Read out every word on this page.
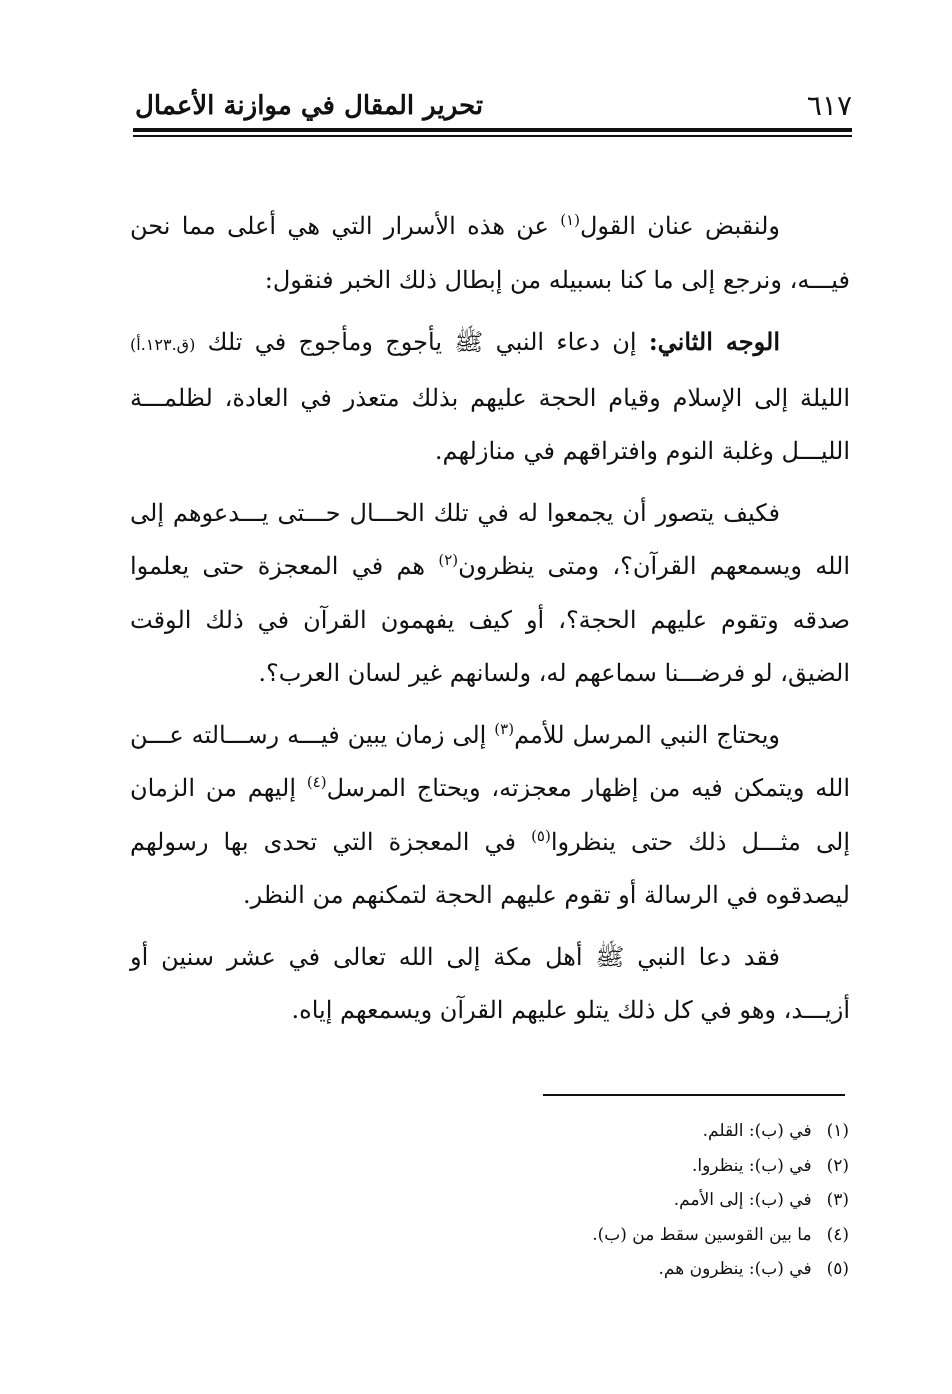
٦١٧
تحرير المقال في موازنة الأعمال

ولنقبض عنان القول$^{(١)}$ عن هذه الأسرار التي هي أعلى مما نحن فيـــه، ونرجع إلى ما كنا بسبيله من إبطال ذلك الخبر فنقول:

الوجه الثاني: إن دعاء النبي ﷺ يأجوج ومأجوج في تلك (ق.١٢٣.أ) الليلة إلى الإسلام وقيام الحجة عليهم بذلك متعذر في العادة، لظلمـــة الليـــل وغلبة النوم وافتراقهم في منازلهم.

فكيف يتصور أن يجمعوا له في تلك الحـــال حـــتى يـــدعوهم إلى الله ويسمعهم القرآن؟، ومتى ينظرون$^{(٢)}$ هم في المعجزة حتى يعلموا صدقه وتقوم عليهم الحجة؟، أو كيف يفهمون القرآن في ذلك الوقت الضيق، لو فرضـــنا سماعهم له، ولسانهم غير لسان العرب؟.

ويحتاج النبي المرسل للأمم$^{(٣)}$ إلى زمان يبين فيـــه رســـالته عـــن الله ويتمكن فيه من إظهار معجزته، ويحتاج المرسل$^{(٤)}$ إليهم من الزمان إلى مثـــل ذلك حتى ينظروا$^{(٥)}$ في المعجزة التي تحدى بها رسولهم ليصدقوه في الرسالة أو تقوم عليهم الحجة لتمكنهم من النظر.

فقد دعا النبي ﷺ أهل مكة إلى الله تعالى في عشر سنين أو أزيـــد، وهو في كل ذلك يتلو عليهم القرآن ويسمعهم إياه.

(١) في (ب): القلم.
(٢) في (ب): ينظروا.
(٣) في (ب): إلى الأمم.
(٤) ما بين القوسين سقط من (ب).
(٥) في (ب): ينظرون هم.
